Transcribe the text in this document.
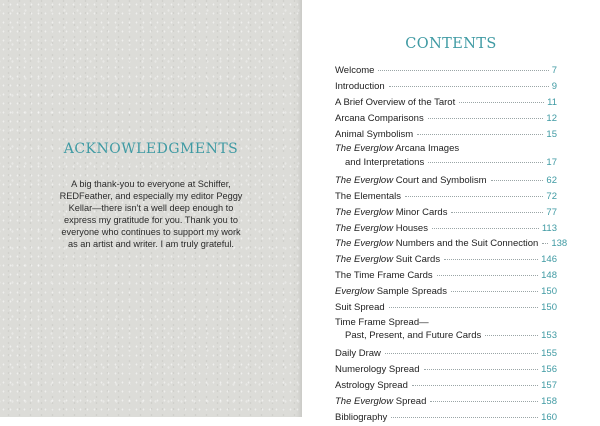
ACKNOWLEDGMENTS

A big thank-you to everyone at Schiffer, REDFeather, and especially my editor Peggy Kellar—there isn't a well deep enough to express my gratitude for you. Thank you to everyone who continues to support my work as an artist and writer. I am truly grateful.

CONTENTS
Welcome	7
Introduction	9
A Brief Overview of the Tarot	11
Arcana Comparisons	12
Animal Symbolism	15
The Everglow Arcana Images
and Interpretations	17
The Everglow Court and Symbolism	62
The Elementals	72
The Everglow Minor Cards	77
The Everglow Houses	113
The Everglow Numbers and the Suit Connection 138
The Everglow Suit Cards	146
The Time Frame Cards	148
Everglow Sample Spreads	150
Suit Spread	150
Time Frame Spread—
Past, Present, and Future Cards	153
Daily Draw	155
Numerology Spread	156
Astrology Spread	157
The Everglow Spread	158
Bibliography	160
